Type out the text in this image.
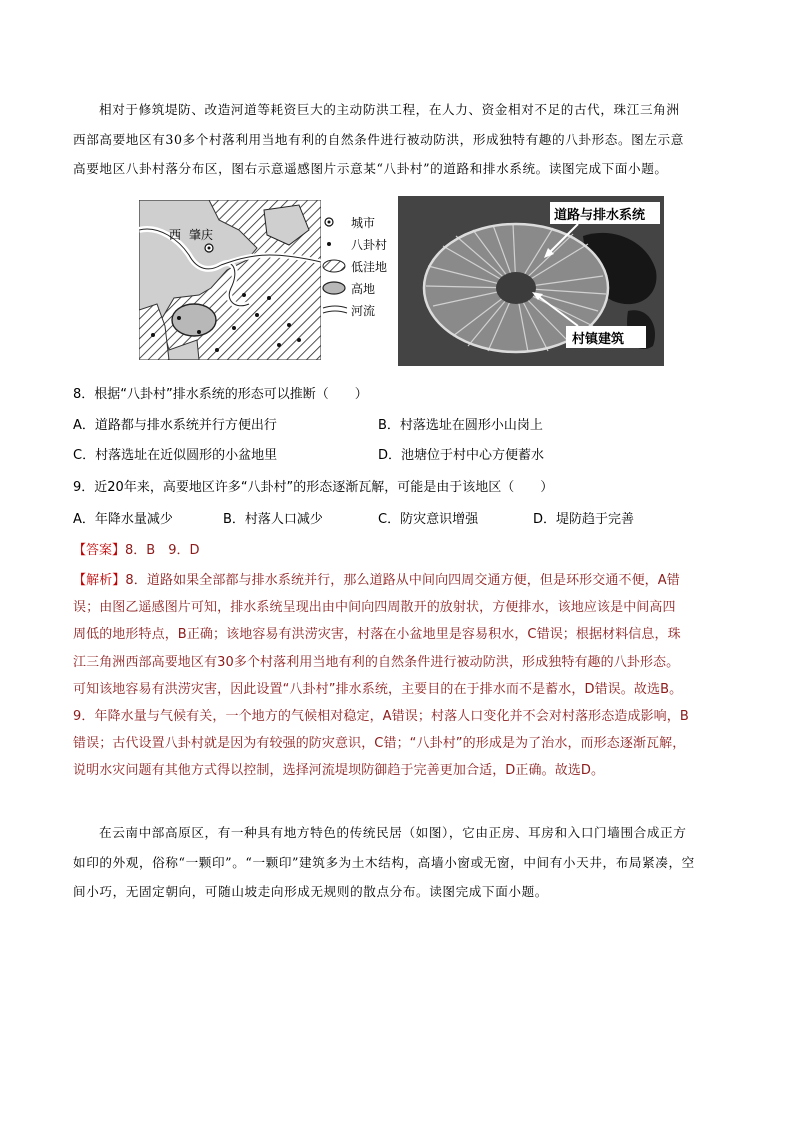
相对于修筑堤防、改造河道等耗资巨大的主动防洪工程，在人力、资金相对不足的古代，珠江三角洲
西部高要地区有30多个村落利用当地有利的自然条件进行被动防洪，形成独特有趣的八卦形态。图左示意
高要地区八卦村落分布区，图右示意遥感图片示意某“八卦村”的道路和排水系统。读图完成下面小题。
西 肇庆
城市
八卦村
低洼地
高地
河流
道路与排水系统
村镇建筑
8．根据“八卦村”排水系统的形态可以推断（　　）
A．道路都与排水系统并行方便出行	B．村落选址在圆形小山岗上
C．村落选址在近似圆形的小盆地里	D．池塘位于村中心方便蓄水
9．近20年来，高要地区许多“八卦村”的形态逐渐瓦解，可能是由于该地区（　　）
A．年降水量减少	B．村落人口减少	C．防灾意识增强	D．堤防趋于完善
【答案】8．B　9．D
【解析】8．道路如果全部都与排水系统并行，那么道路从中间向四周交通方便，但是环形交通不便，A错
误；由图乙遥感图片可知，排水系统呈现出由中间向四周散开的放射状，方便排水，该地应该是中间高四
周低的地形特点，B正确；该地容易有洪涝灾害，村落在小盆地里是容易积水，C错误；根据材料信息，珠
江三角洲西部高要地区有30多个村落利用当地有利的自然条件进行被动防洪，形成独特有趣的八卦形态。
可知该地容易有洪涝灾害，因此设置“八卦村”排水系统，主要目的在于排水而不是蓄水，D错误。故选B。
9．年降水量与气候有关，一个地方的气候相对稳定，A错误；村落人口变化并不会对村落形态造成影响，B
错误；古代设置八卦村就是因为有较强的防灾意识，C错；“八卦村”的形成是为了治水，而形态逐渐瓦解，
说明水灾问题有其他方式得以控制，选择河流堤坝防御趋于完善更加合适，D正确。故选D。
在云南中部高原区，有一种具有地方特色的传统民居（如图），它由正房、耳房和入口门墙围合成正方
如印的外观，俗称“一颗印”。“一颗印”建筑多为土木结构，高墙小窗或无窗，中间有小天井，布局紧凑，空
间小巧，无固定朝向，可随山坡走向形成无规则的散点分布。读图完成下面小题。
